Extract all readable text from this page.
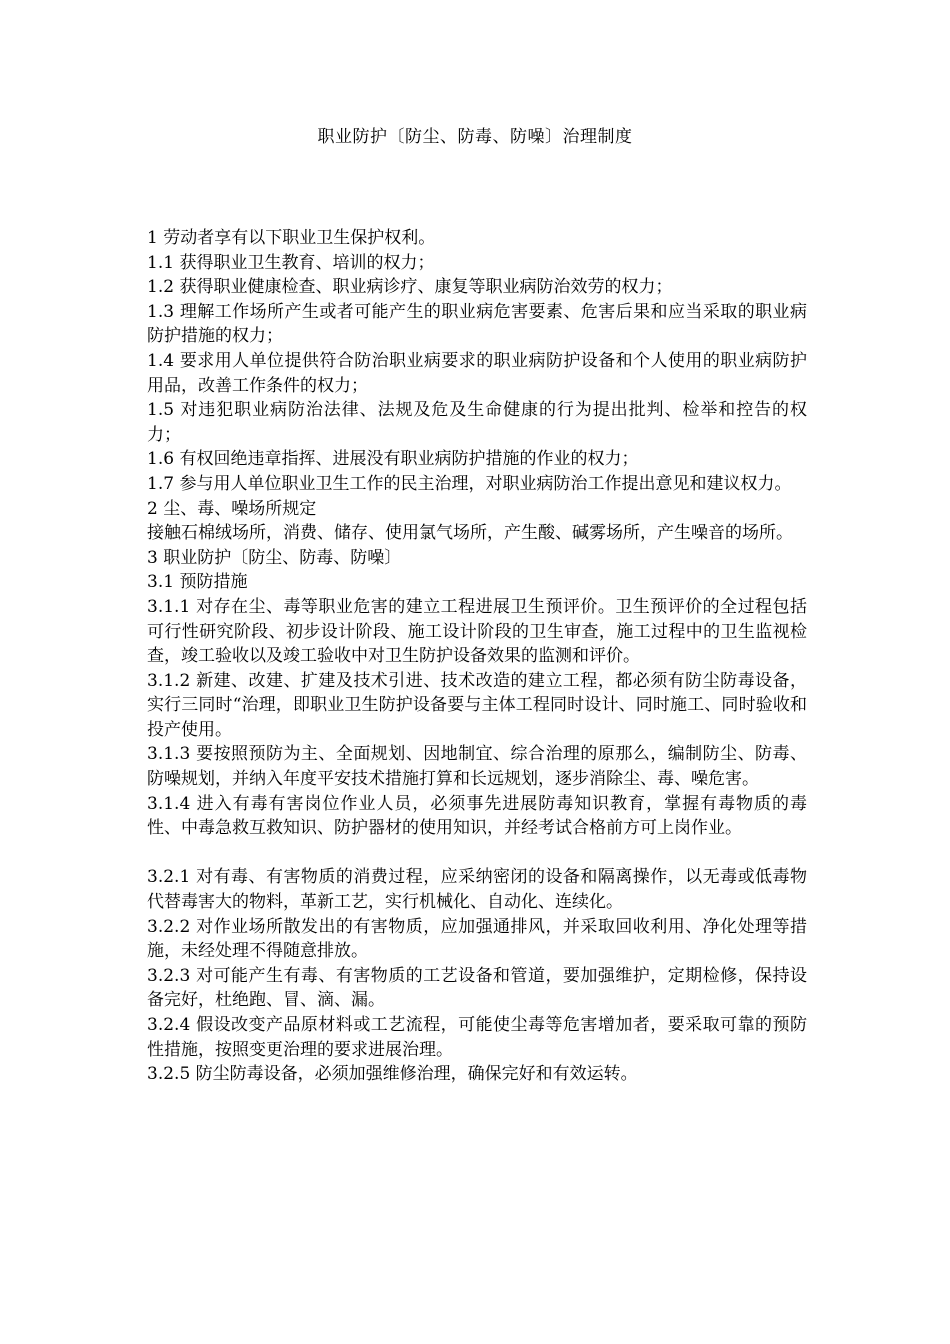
职业防护〔防尘、防毒、防噪〕治理制度

1 劳动者享有以下职业卫生保护权利。

1.1 获得职业卫生教育、培训的权力；

1.2 获得职业健康检查、职业病诊疗、康复等职业病防治效劳的权力；

1.3 理解工作场所产生或者可能产生的职业病危害要素、危害后果和应当采取的职业病防护措施的权力；

1.4 要求用人单位提供符合防治职业病要求的职业病防护设备和个人使用的职业病防护用品，改善工作条件的权力；

1.5 对违犯职业病防治法律、法规及危及生命健康的行为提出批判、检举和控告的权力；

1.6 有权回绝违章指挥、进展没有职业病防护措施的作业的权力；

1.7 参与用人单位职业卫生工作的民主治理，对职业病防治工作提出意见和建议权力。

2 尘、毒、噪场所规定

接触石棉绒场所，消费、储存、使用氯气场所，产生酸、碱雾场所，产生噪音的场所。

3 职业防护〔防尘、防毒、防噪〕

3.1 预防措施

3.1.1 对存在尘、毒等职业危害的建立工程进展卫生预评价。卫生预评价的全过程包括可行性研究阶段、初步设计阶段、施工设计阶段的卫生审查，施工过程中的卫生监视检查，竣工验收以及竣工验收中对卫生防护设备效果的监测和评价。

3.1.2 新建、改建、扩建及技术引进、技术改造的建立工程，都必须有防尘防毒设备，实行三同时“治理，即职业卫生防护设备要与主体工程同时设计、同时施工、同时验收和投产使用。

3.1.3 要按照预防为主、全面规划、因地制宜、综合治理的原那么，编制防尘、防毒、防噪规划，并纳入年度平安技术措施打算和长远规划，逐步消除尘、毒、噪危害。

3.1.4 进入有毒有害岗位作业人员，必须事先进展防毒知识教育，掌握有毒物质的毒性、中毒急救互救知识、防护器材的使用知识，并经考试合格前方可上岗作业。

3.2.1 对有毒、有害物质的消费过程，应采纳密闭的设备和隔离操作，以无毒或低毒物代替毒害大的物料，革新工艺，实行机械化、自动化、连续化。

3.2.2 对作业场所散发出的有害物质，应加强通排风，并采取回收利用、净化处理等措施，未经处理不得随意排放。

3.2.3 对可能产生有毒、有害物质的工艺设备和管道，要加强维护，定期检修，保持设备完好，杜绝跑、冒、滴、漏。

3.2.4 假设改变产品原材料或工艺流程，可能使尘毒等危害增加者，要采取可靠的预防性措施，按照变更治理的要求进展治理。

3.2.5 防尘防毒设备，必须加强维修治理，确保完好和有效运转。
